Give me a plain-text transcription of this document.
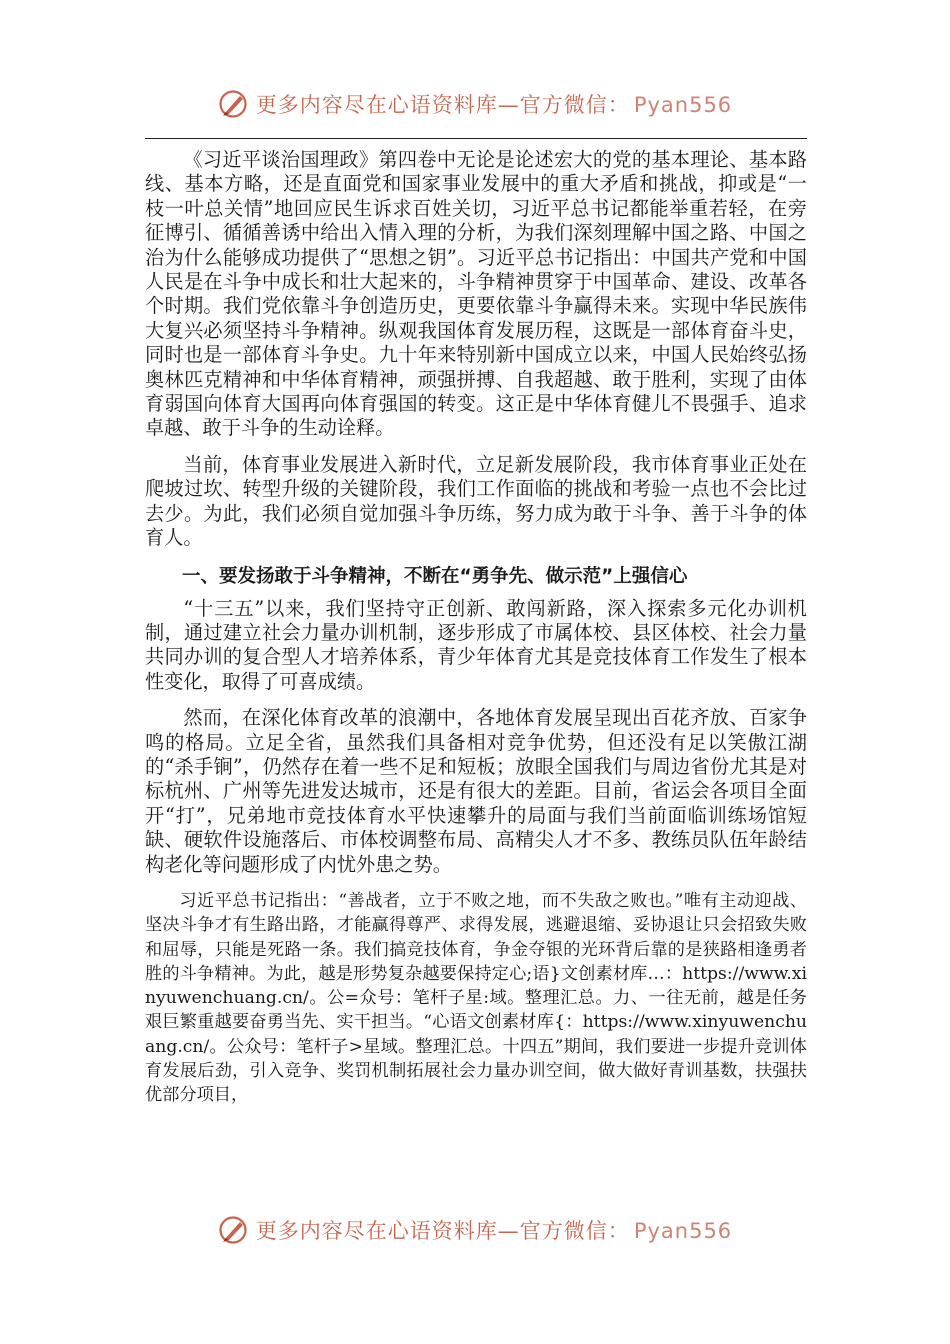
更多内容尽在心语资料库—官方微信： Pyan556

《习近平谈治国理政》第四卷中无论是论述宏大的党的基本理论、基本路线、基本方略，还是直面党和国家事业发展中的重大矛盾和挑战，抑或是“一枝一叶总关情”地回应民生诉求百姓关切，习近平总书记都能举重若轻，在旁征博引、循循善诱中给出入情入理的分析，为我们深刻理解中国之路、中国之治为什么能够成功提供了“思想之钥”。习近平总书记指出：中国共产党和中国人民是在斗争中成长和壮大起来的，斗争精神贯穿于中国革命、建设、改革各个时期。我们党依靠斗争创造历史，更要依靠斗争赢得未来。实现中华民族伟大复兴必须坚持斗争精神。纵观我国体育发展历程，这既是一部体育奋斗史，同时也是一部体育斗争史。九十年来特别新中国成立以来，中国人民始终弘扬奥林匹克精神和中华体育精神，顽强拼搏、自我超越、敢于胜利，实现了由体育弱国向体育大国再向体育强国的转变。这正是中华体育健儿不畏强手、追求卓越、敢于斗争的生动诠释。

当前，体育事业发展进入新时代，立足新发展阶段，我市体育事业正处在爬坡过坎、转型升级的关键阶段，我们工作面临的挑战和考验一点也不会比过去少。为此，我们必须自觉加强斗争历练，努力成为敢于斗争、善于斗争的体育人。

一、要发扬敢于斗争精神，不断在“勇争先、做示范”上强信心

“十三五”以来，我们坚持守正创新、敢闯新路，深入探索多元化办训机制，通过建立社会力量办训机制，逐步形成了市属体校、县区体校、社会力量共同办训的复合型人才培养体系，青少年体育尤其是竞技体育工作发生了根本性变化，取得了可喜成绩。

然而，在深化体育改革的浪潮中，各地体育发展呈现出百花齐放、百家争鸣的格局。立足全省，虽然我们具备相对竞争优势，但还没有足以笑傲江湖的“杀手锏”，仍然存在着一些不足和短板；放眼全国我们与周边省份尤其是对标杭州、广州等先进发达城市，还是有很大的差距。目前，省运会各项目全面开“打”，兄弟地市竞技体育水平快速攀升的局面与我们当前面临训练场馆短缺、硬软件设施落后、市体校调整布局、高精尖人才不多、教练员队伍年龄结构老化等问题形成了内忧外患之势。

习近平总书记指出：“善战者，立于不败之地，而不失敌之败也。”唯有主动迎战、坚决斗争才有生路出路，才能赢得尊严、求得发展，逃避退缩、妥协退让只会招致失败和屈辱，只能是死路一条。我们搞竞技体育，争金夺银的光环背后靠的是狭路相逢勇者胜的斗争精神。为此，越是形势复杂越要保持定心;语}文创素材库…：https://www.xinyuwenchuang.cn/。公=众号：笔杆子星:域。整理汇总。力、一往无前，越是任务艰巨繁重越要奋勇当先、实干担当。“心语文创素材库{：https://www.xinyuwenchuang.cn/。公众号：笔杆子>星域。整理汇总。十四五”期间，我们要进一步提升竞训体育发展后劲，引入竞争、奖罚机制拓展社会力量办训空间，做大做好青训基数，扶强扶优部分项目，

更多内容尽在心语资料库—官方微信： Pyan556
